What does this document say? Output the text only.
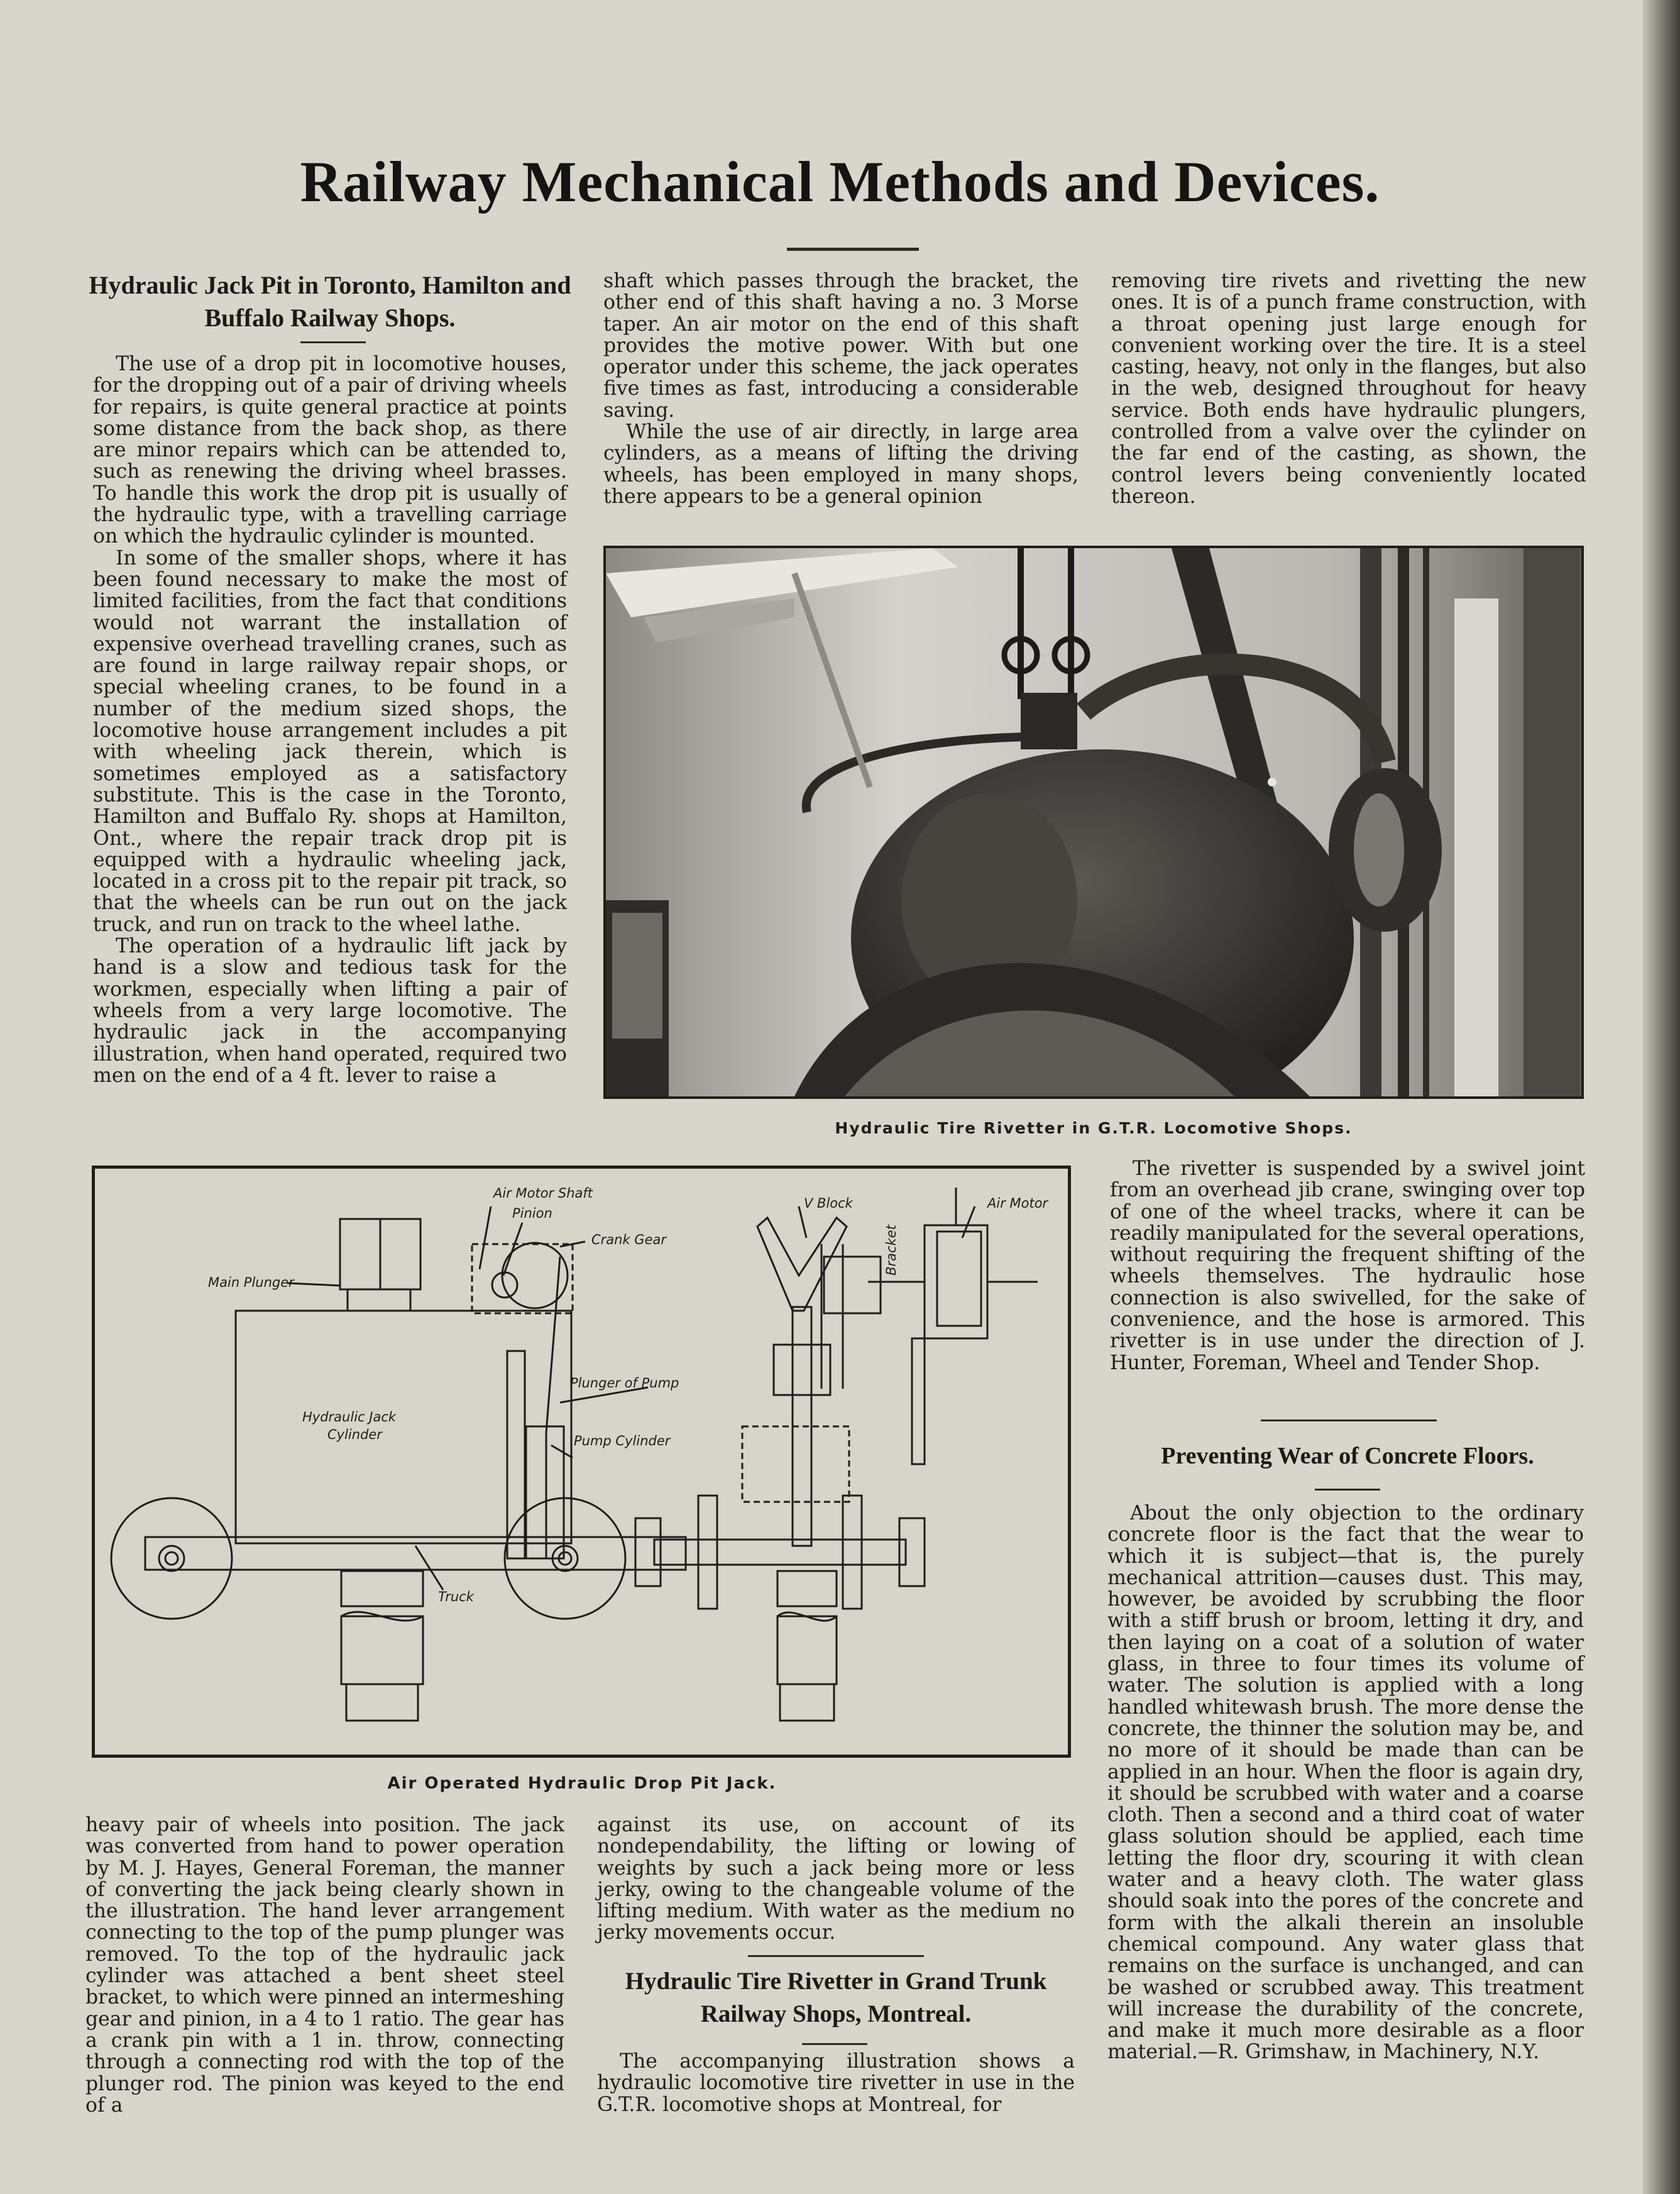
Railway Mechanical Methods and Devices.
Hydraulic Jack Pit in Toronto, Hamilton and Buffalo Railway Shops.

The use of a drop pit in locomotive houses, for the dropping out of a pair of driving wheels for repairs, is quite general practice at points some distance from the back shop, as there are minor repairs which can be attended to, such as renewing the driving wheel brasses. To handle this work the drop pit is usually of the hydraulic type, with a travelling carriage on which the hydraulic cylinder is mounted.

In some of the smaller shops, where it has been found necessary to make the most of limited facilities, from the fact that conditions would not warrant the installation of expensive overhead travelling cranes, such as are found in large railway repair shops, or special wheeling cranes, to be found in a number of the medium sized shops, the locomotive house arrangement includes a pit with wheeling jack therein, which is sometimes employed as a satisfactory substitute. This is the case in the Toronto, Hamilton and Buffalo Ry. shops at Hamilton, Ont., where the repair track drop pit is equipped with a hydraulic wheeling jack, located in a cross pit to the repair pit track, so that the wheels can be run out on the jack truck, and run on track to the wheel lathe.

The operation of a hydraulic lift jack by hand is a slow and tedious task for the workmen, especially when lifting a pair of wheels from a very large locomotive. The hydraulic jack in the accompanying illustration, when hand operated, required two men on the end of a 4 ft. lever to raise a

shaft which passes through the bracket, the other end of this shaft having a no. 3 Morse taper. An air motor on the end of this shaft provides the motive power. With but one operator under this scheme, the jack operates five times as fast, introducing a considerable saving.

While the use of air directly, in large area cylinders, as a means of lifting the driving wheels, has been employed in many shops, there appears to be a general opinion

removing tire rivets and rivetting the new ones. It is of a punch frame construction, with a throat opening just large enough for convenient working over the tire. It is a steel casting, heavy, not only in the flanges, but also in the web, designed throughout for heavy service. Both ends have hydraulic plungers, controlled from a valve over the cylinder on the far end of the casting, as shown, the control levers being conveniently located thereon.

Hydraulic Tire Rivetter in G.T.R. Locomotive Shops.

The rivetter is suspended by a swivel joint from an overhead jib crane, swinging over top of one of the wheel tracks, where it can be readily manipulated for the several operations, without requiring the frequent shifting of the wheels themselves. The hydraulic hose connection is also swivelled, for the sake of convenience, and the hose is armored. This rivetter is in use under the direction of J. Hunter, Foreman, Wheel and Tender Shop.

Preventing Wear of Concrete Floors.

About the only objection to the ordinary concrete floor is the fact that the wear to which it is subject—that is, the purely mechanical attrition—causes dust. This may, however, be avoided by scrubbing the floor with a stiff brush or broom, letting it dry, and then laying on a coat of a solution of water glass, in three to four times its volume of water. The solution is applied with a long handled whitewash brush. The more dense the concrete, the thinner the solution may be, and no more of it should be made than can be applied in an hour. When the floor is again dry, it should be scrubbed with water and a coarse cloth. Then a second and a third coat of water glass solution should be applied, each time letting the floor dry, scouring it with clean water and a heavy cloth. The water glass should soak into the pores of the concrete and form with the alkali therein an insoluble chemical compound. Any water glass that remains on the surface is unchanged, and can be washed or scrubbed away. This treatment will increase the durability of the concrete, and make it much more desirable as a floor material.—R. Grimshaw, in Machinery, N.Y.

Air Motor Shaft
Pinion
Crank Gear
Main Plunger
Hydraulic Jack
Cylinder
Plunger of Pump
Pump Cylinder
Truck
V Block
Bracket
Air Motor
Air Operated Hydraulic Drop Pit Jack.

heavy pair of wheels into position. The jack was converted from hand to power operation by M. J. Hayes, General Foreman, the manner of converting the jack being clearly shown in the illustration. The hand lever arrangement connecting to the top of the pump plunger was removed. To the top of the hydraulic jack cylinder was attached a bent sheet steel bracket, to which were pinned an intermeshing gear and pinion, in a 4 to 1 ratio. The gear has a crank pin with a 1 in. throw, connecting through a connecting rod with the top of the plunger rod. The pinion was keyed to the end of a

against its use, on account of its nondependability, the lifting or lowing of weights by such a jack being more or less jerky, owing to the changeable volume of the lifting medium. With water as the medium no jerky movements occur.

Hydraulic Tire Rivetter in Grand Trunk Railway Shops, Montreal.

The accompanying illustration shows a hydraulic locomotive tire rivetter in use in the G.T.R. locomotive shops at Montreal, for
